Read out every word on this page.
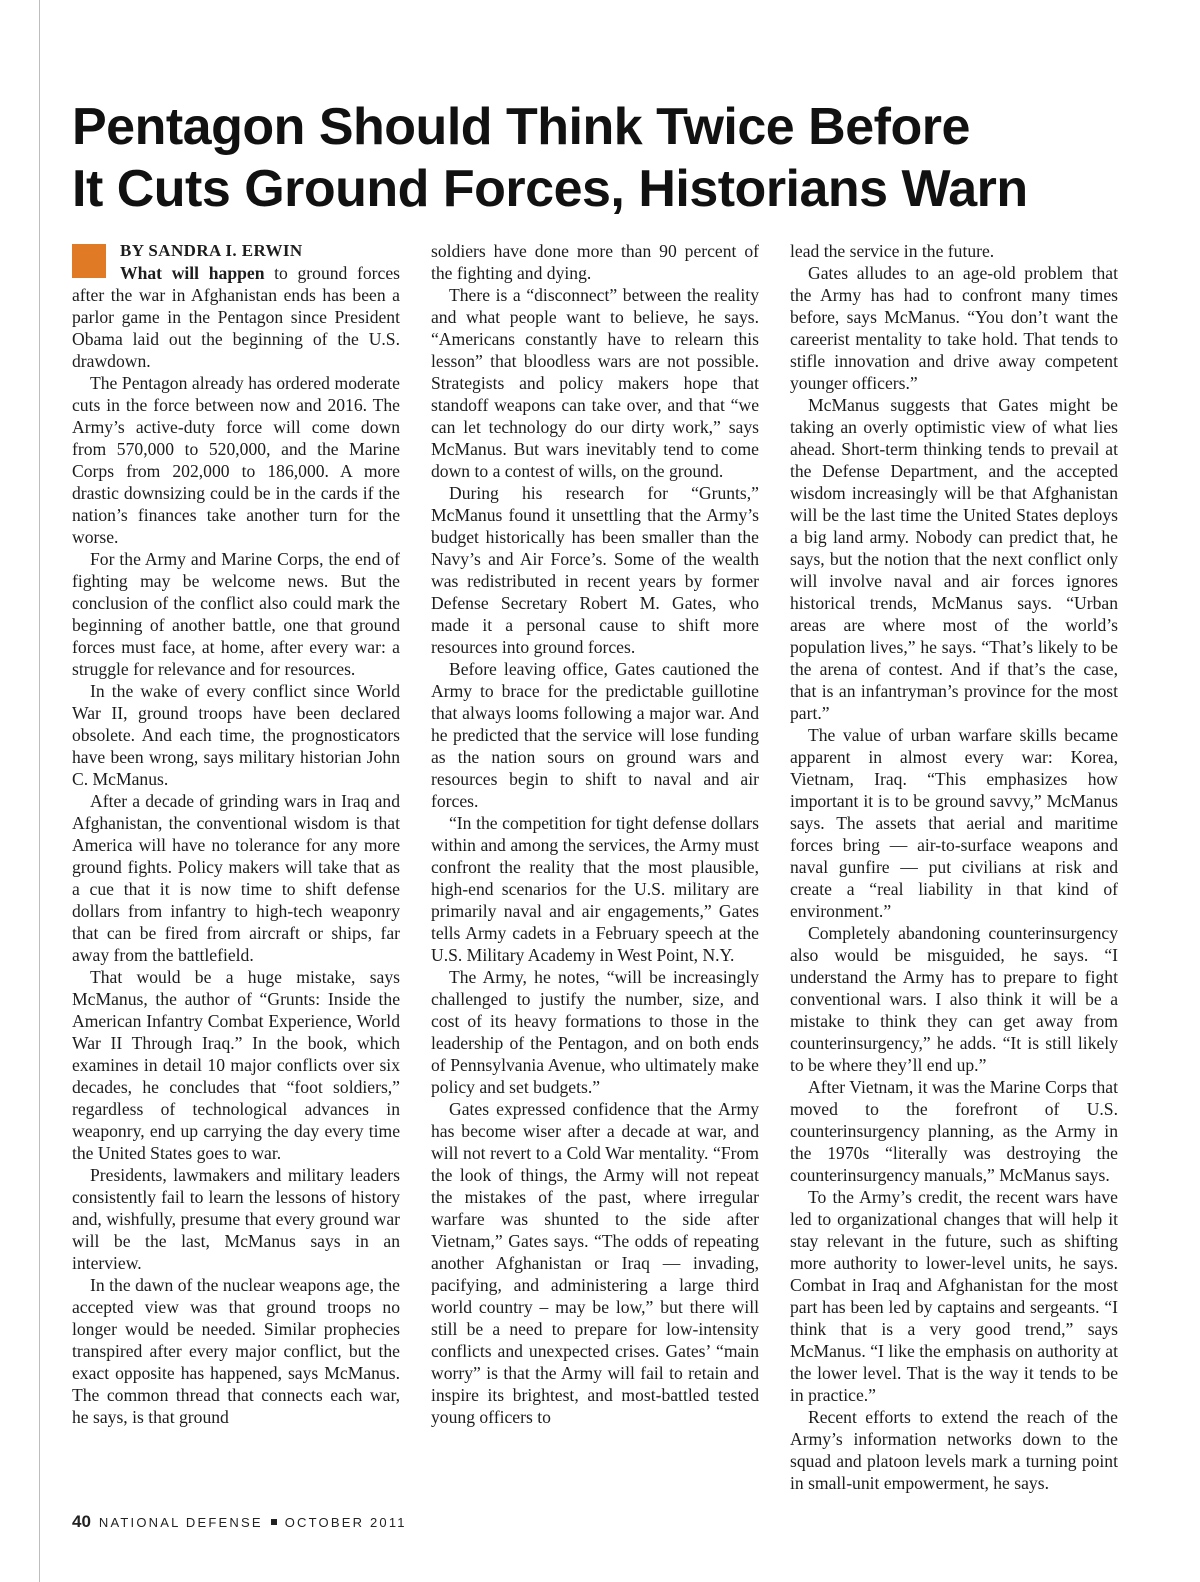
Pentagon Should Think Twice Before
It Cuts Ground Forces, Historians Warn
BY SANDRA I. ERWIN

What will happen to ground forces after the war in Afghanistan ends has been a parlor game in the Pentagon since President Obama laid out the beginning of the U.S. drawdown.

The Pentagon already has ordered moderate cuts in the force between now and 2016. The Army’s active-duty force will come down from 570,000 to 520,000, and the Marine Corps from 202,000 to 186,000. A more drastic downsizing could be in the cards if the nation’s finances take another turn for the worse.

For the Army and Marine Corps, the end of fighting may be welcome news. But the conclusion of the conflict also could mark the beginning of another battle, one that ground forces must face, at home, after every war: a struggle for relevance and for resources.

In the wake of every conflict since World War II, ground troops have been declared obsolete. And each time, the prognosticators have been wrong, says military historian John C. McManus.

After a decade of grinding wars in Iraq and Afghanistan, the conventional wisdom is that America will have no tolerance for any more ground fights. Policy makers will take that as a cue that it is now time to shift defense dollars from infantry to high-tech weaponry that can be fired from aircraft or ships, far away from the battlefield.

That would be a huge mistake, says McManus, the author of “Grunts: Inside the American Infantry Combat Experience, World War II Through Iraq.” In the book, which examines in detail 10 major conflicts over six decades, he concludes that “foot soldiers,” regardless of technological advances in weaponry, end up carrying the day every time the United States goes to war.

Presidents, lawmakers and military leaders consistently fail to learn the lessons of history and, wishfully, presume that every ground war will be the last, McManus says in an interview.

In the dawn of the nuclear weapons age, the accepted view was that ground troops no longer would be needed. Similar prophecies transpired after every major conflict, but the exact opposite has happened, says McManus. The common thread that connects each war, he says, is that ground

soldiers have done more than 90 percent of the fighting and dying.

There is a “disconnect” between the reality and what people want to believe, he says. “Americans constantly have to relearn this lesson” that bloodless wars are not possible. Strategists and policy makers hope that standoff weapons can take over, and that “we can let technology do our dirty work,” says McManus. But wars inevitably tend to come down to a contest of wills, on the ground.

During his research for “Grunts,” McManus found it unsettling that the Army’s budget historically has been smaller than the Navy’s and Air Force’s. Some of the wealth was redistributed in recent years by former Defense Secretary Robert M. Gates, who made it a personal cause to shift more resources into ground forces.

Before leaving office, Gates cautioned the Army to brace for the predictable guillotine that always looms following a major war. And he predicted that the service will lose funding as the nation sours on ground wars and resources begin to shift to naval and air forces.

“In the competition for tight defense dollars within and among the services, the Army must confront the reality that the most plausible, high-end scenarios for the U.S. military are primarily naval and air engagements,” Gates tells Army cadets in a February speech at the U.S. Military Academy in West Point, N.Y.

The Army, he notes, “will be increasingly challenged to justify the number, size, and cost of its heavy formations to those in the leadership of the Pentagon, and on both ends of Pennsylvania Avenue, who ultimately make policy and set budgets.”

Gates expressed confidence that the Army has become wiser after a decade at war, and will not revert to a Cold War mentality. “From the look of things, the Army will not repeat the mistakes of the past, where irregular warfare was shunted to the side after Vietnam,” Gates says. “The odds of repeating another Afghanistan or Iraq — invading, pacifying, and administering a large third world country – may be low,” but there will still be a need to prepare for low-intensity conflicts and unexpected crises. Gates’ “main worry” is that the Army will fail to retain and inspire its brightest, and most-battled tested young officers to

lead the service in the future.

Gates alludes to an age-old problem that the Army has had to confront many times before, says McManus. “You don’t want the careerist mentality to take hold. That tends to stifle innovation and drive away competent younger officers.”

McManus suggests that Gates might be taking an overly optimistic view of what lies ahead. Short-term thinking tends to prevail at the Defense Department, and the accepted wisdom increasingly will be that Afghanistan will be the last time the United States deploys a big land army. Nobody can predict that, he says, but the notion that the next conflict only will involve naval and air forces ignores historical trends, McManus says. “Urban areas are where most of the world’s population lives,” he says. “That’s likely to be the arena of contest. And if that’s the case, that is an infantryman’s province for the most part.”

The value of urban warfare skills became apparent in almost every war: Korea, Vietnam, Iraq. “This emphasizes how important it is to be ground savvy,” McManus says. The assets that aerial and maritime forces bring — air-to-surface weapons and naval gunfire — put civilians at risk and create a “real liability in that kind of environment.”

Completely abandoning counterinsurgency also would be misguided, he says. “I understand the Army has to prepare to fight conventional wars. I also think it will be a mistake to think they can get away from counterinsurgency,” he adds. “It is still likely to be where they’ll end up.”

After Vietnam, it was the Marine Corps that moved to the forefront of U.S. counterinsurgency planning, as the Army in the 1970s “literally was destroying the counterinsurgency manuals,” McManus says.

To the Army’s credit, the recent wars have led to organizational changes that will help it stay relevant in the future, such as shifting more authority to lower-level units, he says. Combat in Iraq and Afghanistan for the most part has been led by captains and sergeants. “I think that is a very good trend,” says McManus. “I like the emphasis on authority at the lower level. That is the way it tends to be in practice.”

Recent efforts to extend the reach of the Army’s information networks down to the squad and platoon levels mark a turning point in small-unit empowerment, he says.

40 NATIONAL DEFENSE OCTOBER 2011
